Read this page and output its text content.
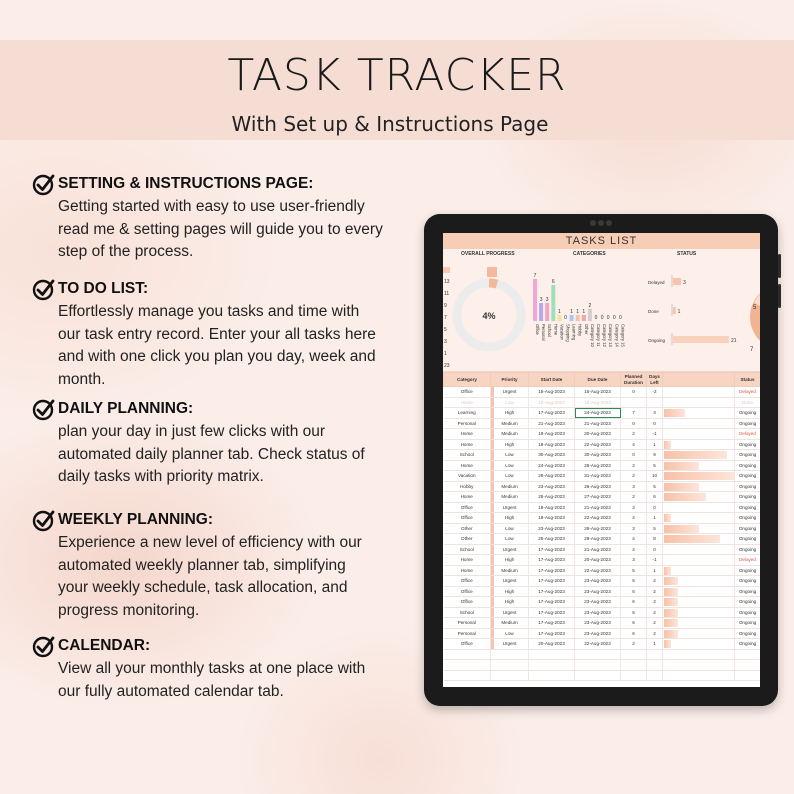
TASK TRACKER
With Set up & Instructions Page
SETTING & INSTRUCTIONS PAGE:
Getting started with easy to use user-friendly
read me & setting pages will guide you to every
step of the process.
TO DO LIST:
Effortlessly manage you tasks and time with
our task entry record. Enter your all tasks here
and with one click you plan you day, week and
month.
DAILY PLANNING:
plan your day in just few clicks with our
automated daily planner tab. Check status of
daily tasks with priority matrix.
WEEKLY PLANNING:
Experience a new level of efficiency with our
automated weekly planner tab, simplifying
your weekly schedule, task allocation, and
progress monitoring.
CALENDAR:
View all your monthly tasks at one place with
our fully automated calendar tab.
TASKS LIST
OVERALL PROGRESS	CATEGORIES	STATUS
13
11
9
7
5
3
1
23
4%
7
Office
3
Personal
3
School
6
Home
1
Vacation
0
Shopping
1
Learning
1
Hobby
1
Other
2
Category 10
0
Category 11
0
Category 12
0
Category 13
0
Category 14
0
Category 15
Delayed	3
Done	1
Ongoing	21
5
7
Category	Priority	Start Date	Due Date	Planned
Duration	Days Left		Status
Office	Urgent	15-Aug-2023	15-Aug-2023	0	-2		Delayed
Home	Low	18-Aug-2023	18-Aug-2023				Done
Learning	High	17-Aug-2023	24-Aug-2023	7	3		Ongoing
Personal	Medium	21-Aug-2023	21-Aug-2023	0	0		Ongoing
Home	Medium	18-Aug-2023	20-Aug-2023	2	-1		Delayed
Home	High	18-Aug-2023	22-Aug-2023	4	1		Ongoing
School	Low	30-Aug-2023	30-Aug-2023	0	9		Ongoing
Home	Low	24-Aug-2023	26-Aug-2023	2	5		Ongoing
Vacation	Low	28-Aug-2023	31-Aug-2023	2	10		Ongoing
Hobby	Medium	23-Aug-2023	26-Aug-2023	3	5		Ongoing
Home	Medium	25-Aug-2023	27-Aug-2023	2	6		Ongoing
Office	Urgent	18-Aug-2023	21-Aug-2023	3	0		Ongoing
Office	High	18-Aug-2023	22-Aug-2023	4	1		Ongoing
Other	Low	23-Aug-2023	26-Aug-2023	3	5		Ongoing
Other	Low	25-Aug-2023	29-Aug-2023	4	8		Ongoing
School	Urgent	17-Aug-2023	21-Aug-2023	4	0		Ongoing
Home	High	17-Aug-2023	20-Aug-2023	3	-1		Delayed
Home	Medium	17-Aug-2023	22-Aug-2023	5	1		Ongoing
Office	Urgent	17-Aug-2023	23-Aug-2023	6	2		Ongoing
Office	High	17-Aug-2023	23-Aug-2023	6	2		Ongoing
Office	High	17-Aug-2023	23-Aug-2023	6	2		Ongoing
School	Urgent	17-Aug-2023	23-Aug-2023	6	2		Ongoing
Personal	Medium	17-Aug-2023	23-Aug-2023	6	2		Ongoing
Personal	Low	17-Aug-2023	23-Aug-2023	6	2		Ongoing
Office	Urgent	20-Aug-2023	22-Aug-2023	2	1		Ongoing
